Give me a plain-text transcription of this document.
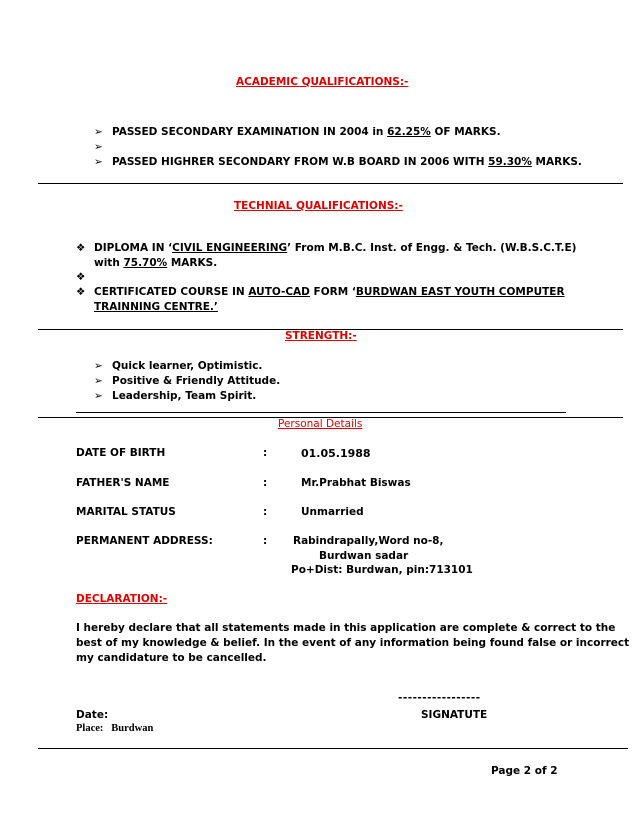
ACADEMIC QUALIFICATIONS:-
➢ PASSED SECONDARY EXAMINATION IN 2004 in 62.25% OF MARKS.
➢
➢ PASSED HIGHRER SECONDARY FROM W.B BOARD IN 2006 WITH 59.30% MARKS.
TECHNIAL QUALIFICATIONS:-
❖ DIPLOMA IN ‘CIVIL ENGINEERING’ From M.B.C. Inst. of Engg. & Tech. (W.B.S.C.T.E)
with 75.70% MARKS.
❖
❖ CERTIFICATED COURSE IN AUTO-CAD FORM ‘BURDWAN EAST YOUTH COMPUTER
TRAINNING CENTRE.’
STRENGTH:-
➢ Quick learner, Optimistic.
➢ Positive & Friendly Attitude.
➢ Leadership, Team Spirit.
Personal Details
DATE OF BIRTH	:	01.05.1988
FATHER'S NAME	:	Mr.Prabhat Biswas
MARITAL STATUS	:	Unmarried
PERMANENT ADDRESS:	: Rabindrapally,Word no-8,
Burdwan sadar
Po+Dist: Burdwan, pin:713101
DECLARATION:-
I hereby declare that all statements made in this application are complete & correct to the
best of my knowledge & belief. In the event of any information being found false or incorrect
my candidature to be cancelled.
-----------------
Date:	SIGNATUTE
Place: Burdwan
Page 2 of 2
